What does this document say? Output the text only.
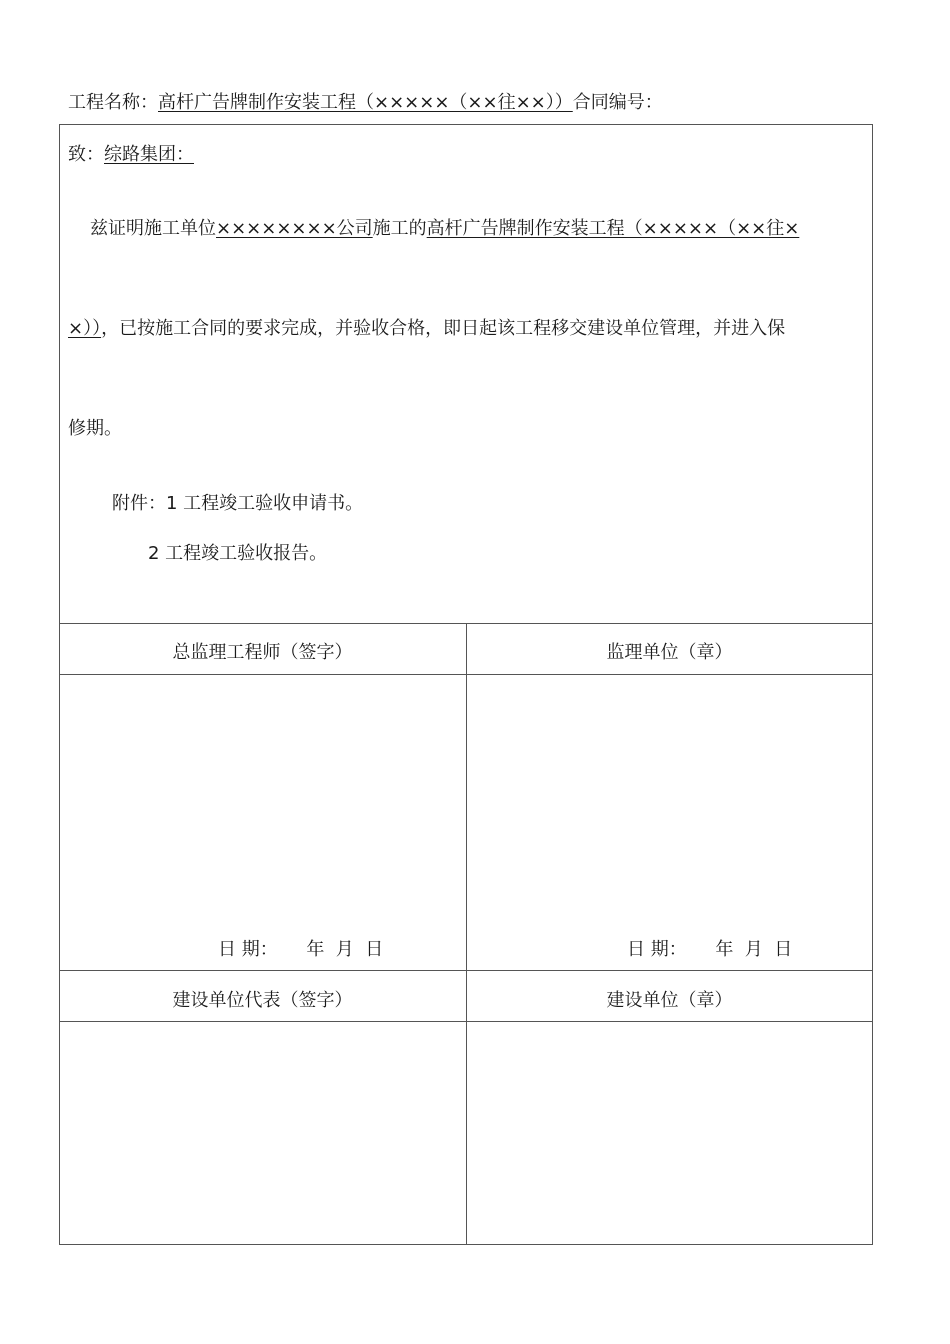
工程名称：高杆广告牌制作安装工程（×××××（××往××））合同编号：
致：综路集团：
兹证明施工单位××××××××公司施工的高杆广告牌制作安装工程（×××××（××往×
×）），已按施工合同的要求完成，并验收合格，即日起该工程移交建设单位管理，并进入保
修期。
附件：1 工程竣工验收申请书。
2 工程竣工验收报告。
总监理工程师（签字）	监理单位（章）
日 期：     年  月  日	日 期：     年  月  日
建设单位代表（签字）	建设单位（章）
